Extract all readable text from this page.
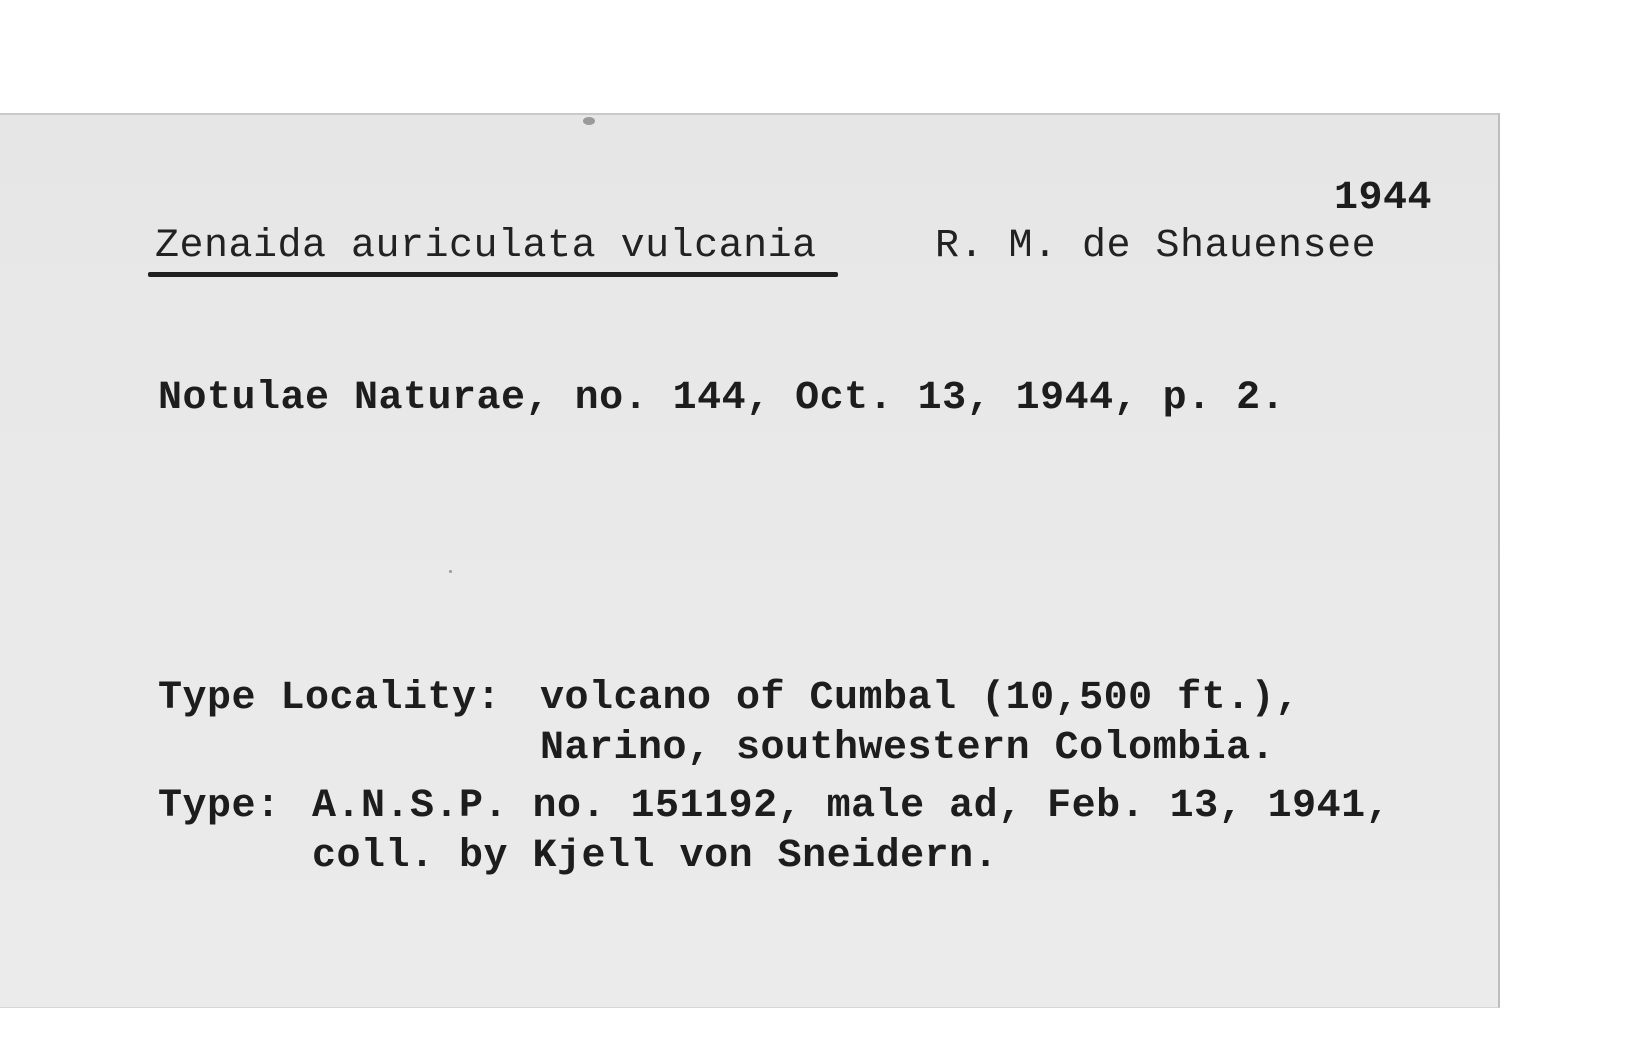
1944
Zenaida auriculata vulcania	R. M. de Shauensee
Notulae Naturae, no. 144, Oct. 13, 1944, p. 2.
Type Locality: volcano of Cumbal (10,500 ft.),
Narino, southwestern Colombia.
Type: A.N.S.P. no. 151192, male ad, Feb. 13, 1941,
coll. by Kjell von Sneidern.
